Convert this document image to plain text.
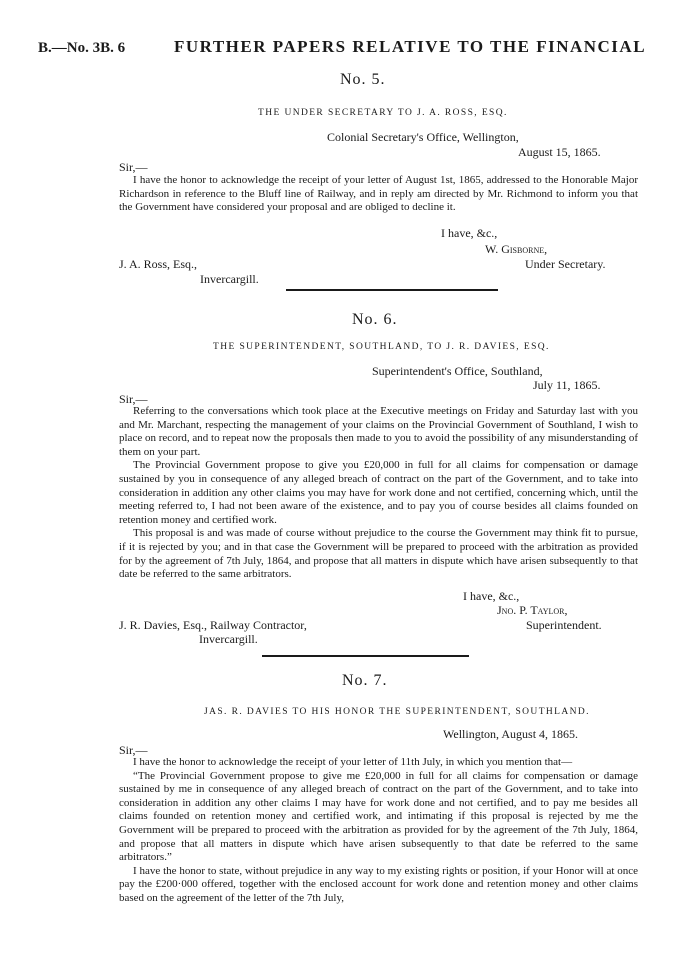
B.—No. 3B. 6	FURTHER PAPERS RELATIVE TO THE FINANCIAL
No. 5.
THE UNDER SECRETARY TO J. A. ROSS, ESQ.
Colonial Secretary's Office, Wellington,
August 15, 1865.
Sir,—

I have the honor to acknowledge the receipt of your letter of August 1st, 1865, addressed to the Honorable Major Richardson in reference to the Bluff line of Railway, and in reply am directed by Mr. Richmond to inform you that the Government have considered your proposal and are obliged to decline it.

I have, &c.,
W. Gisborne,
J. A. Ross, Esq.,	Under Secretary.
Invercargill.
No. 6.
THE SUPERINTENDENT, SOUTHLAND, TO J. R. DAVIES, ESQ.
Superintendent's Office, Southland,
July 11, 1865.
Sir,—

Referring to the conversations which took place at the Executive meetings on Friday and Saturday last with you and Mr. Marchant, respecting the management of your claims on the Provincial Government of Southland, I wish to place on record, and to repeat now the proposals then made to you to avoid the possibility of any misunderstanding of them on your part.

The Provincial Government propose to give you £20,000 in full for all claims for compensation or damage sustained by you in consequence of any alleged breach of contract on the part of the Government, and to take into consideration in addition any other claims you may have for work done and not certified, concerning which, until the meeting referred to, I had not been aware of the existence, and to pay you of course besides all claims founded on retention money and certified work.

This proposal is and was made of course without prejudice to the course the Government may think fit to pursue, if it is rejected by you; and in that case the Government will be prepared to proceed with the arbitration as provided for by the agreement of 7th July, 1864, and propose that all matters in dispute which have arisen subsequently to that date be referred to the same arbitrators.

I have, &c.,
Jno. P. Taylor,
J. R. Davies, Esq., Railway Contractor,	Superintendent.
Invercargill.
No. 7.
JAS. R. DAVIES TO HIS HONOR THE SUPERINTENDENT, SOUTHLAND.
Wellington, August 4, 1865.
Sir,—

I have the honor to acknowledge the receipt of your letter of 11th July, in which you mention that—

“The Provincial Government propose to give me £20,000 in full for all claims for compensation or damage sustained by me in consequence of any alleged breach of contract on the part of the Government, and to take into consideration in addition any other claims I may have for work done and not certified, and to pay me besides all claims founded on retention money and certified work, and intimating if this proposal is rejected by me the Government will be prepared to proceed with the arbitration as provided for by the agreement of the 7th July, 1864, and propose that all matters in dispute which have arisen subsequently to that date be referred to the same arbitrators.”

I have the honor to state, without prejudice in any way to my existing rights or position, if your Honor will at once pay the £200·000 offered, together with the enclosed account for work done and retention money and other claims based on the agreement of the letter of the 7th July,
